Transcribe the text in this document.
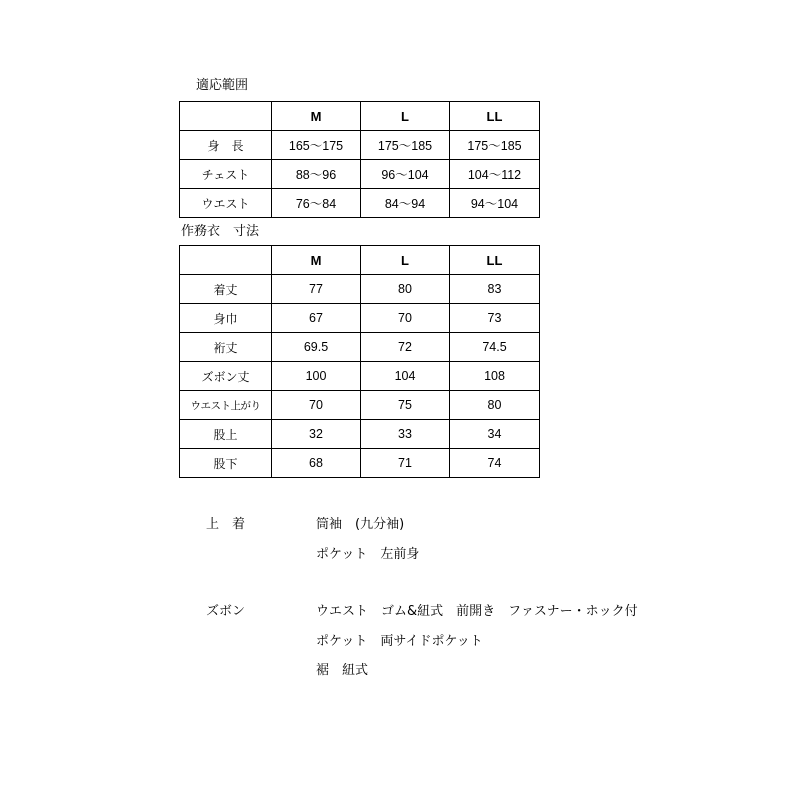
適応範囲
	M	L	LL
身　長	165～175	175～185	175～185
チェスト	88～96	96～104	104～112
ウエスト	76～84	84～94	94～104
作務衣　寸法
	M	L	LL
着丈	77	80	83
身巾	67	70	73
裄丈	69.5	72	74.5
ズボン丈	100	104	108
ウエスト上がり	70	75	80
股上	32	33	34
股下	68	71	74
上　着	筒袖　(九分袖)
ポケット　左前身
ズボン	ウエスト　ゴム&紐式　前開き　ファスナー・ホック付
ポケット　両サイドポケット
裾　紐式
